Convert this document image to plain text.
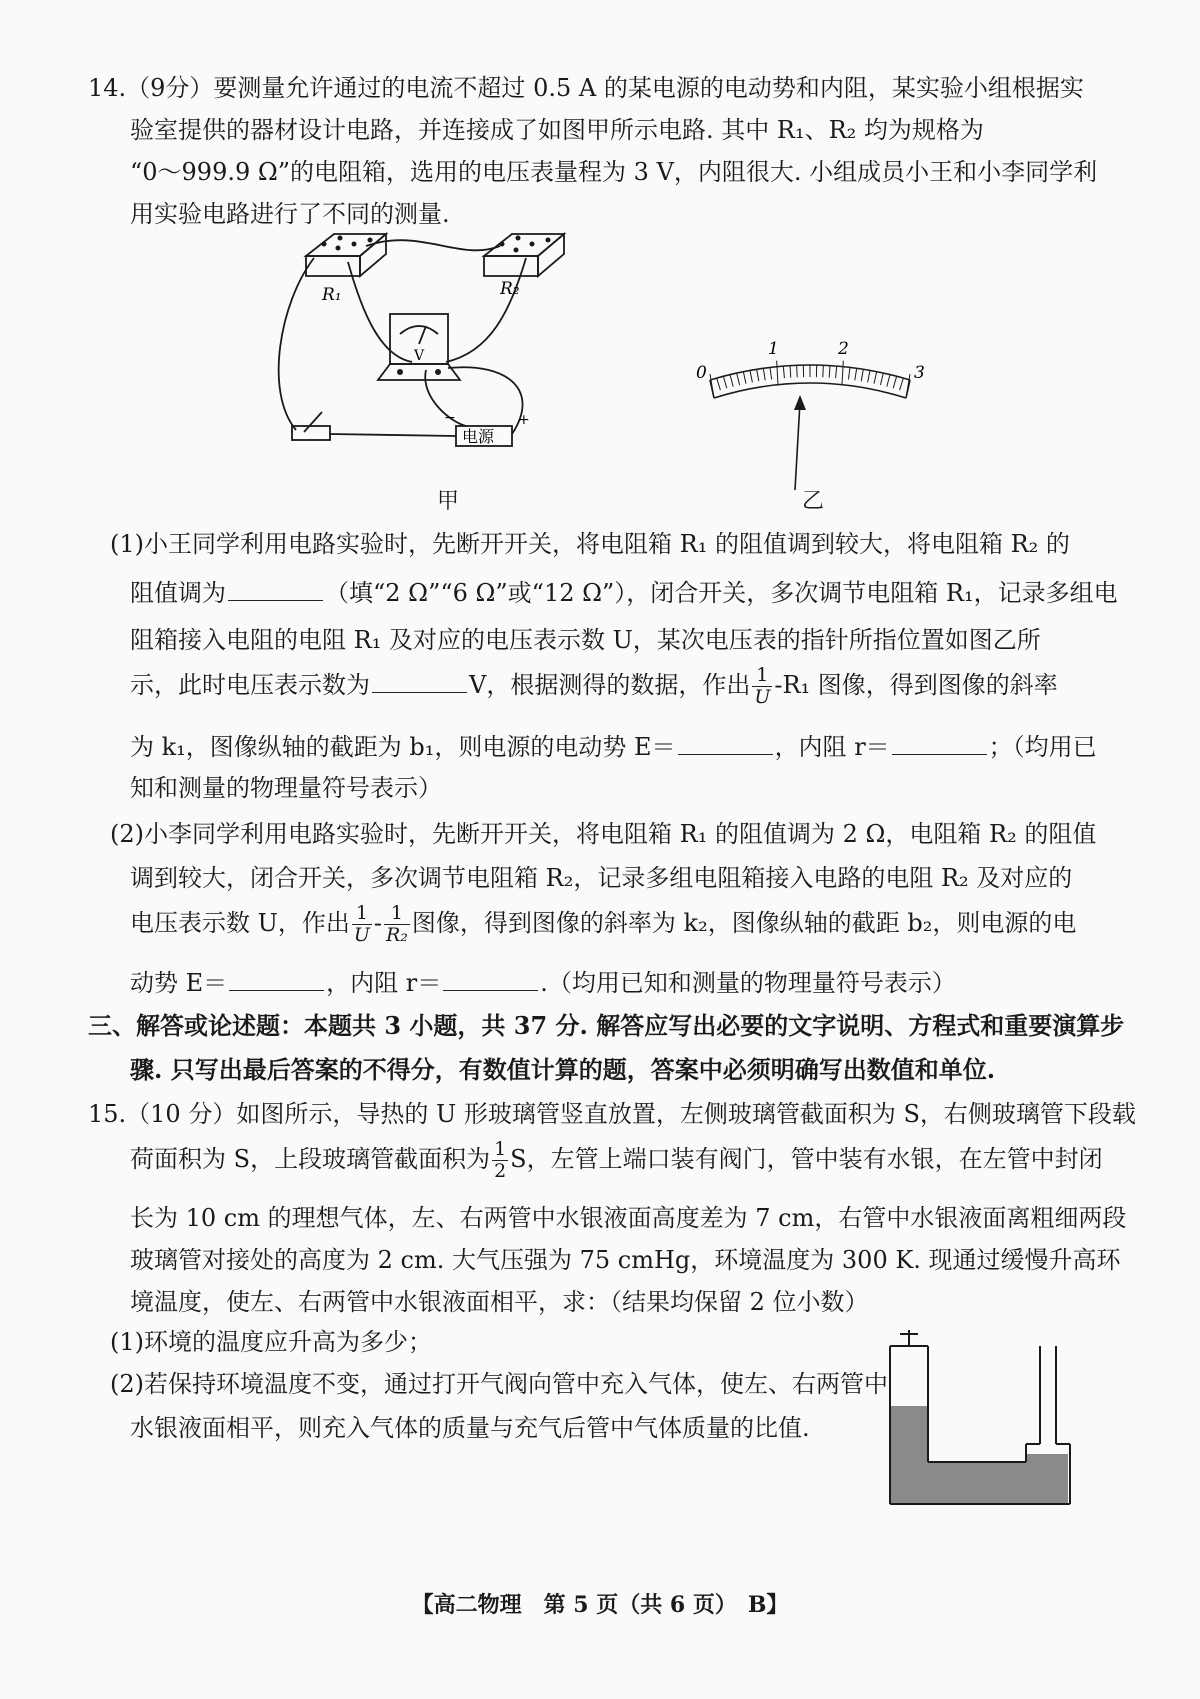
14.（9分）要测量允许通过的电流不超过 0.5 A 的某电源的电动势和内阻，某实验小组根据实
验室提供的器材设计电路，并连接成了如图甲所示电路. 其中 R₁、R₂ 均为规格为
“0～999.9 Ω”的电阻箱，选用的电压表量程为 3 V，内阻很大. 小组成员小王和小李同学利
用实验电路进行了不同的测量.
R₁	R₂
V
电源
−	+
甲
0
1	2
3
乙
(1)小王同学利用电路实验时，先断开开关，将电阻箱 R₁ 的阻值调到较大，将电阻箱 R₂ 的
阻值调为	（填“2 Ω”“6 Ω”或“12 Ω”），闭合开关，多次调节电阻箱 R₁，记录多组电
阻箱接入电阻的电阻 R₁ 及对应的电压表示数 U，某次电压表的指针所指位置如图乙所
示，此时电压表示数为	V，根据测得的数据，作出 $\frac{1}{U} -R_1$ 图像，得到图像的斜率
为 k₁，图像纵轴的截距为 b₁，则电源的电动势 E＝	，内阻 r＝	；（均用已
知和测量的物理量符号表示）
(2)小李同学利用电路实验时，先断开开关，将电阻箱 R₁ 的阻值调为 2 Ω，电阻箱 R₂ 的阻值
调到较大，闭合开关，多次调节电阻箱 R₂，记录多组电阻箱接入电路的电阻 R₂ 及对应的
电压表示数 U，作出 $\frac{1}{U} - \frac{1}{\text{R₂}}$ 图像，得到图像的斜率为 k₂，图像纵轴的截距 b₂，则电源的电
动势 E＝	，内阻 r＝	.（均用已知和测量的物理量符号表示）
三、解答或论述题：本题共 3 小题，共 37 分. 解答应写出必要的文字说明、方程式和重要演算步
骤. 只写出最后答案的不得分，有数值计算的题，答案中必须明确写出数值和单位.
15.（10 分）如图所示，导热的 U 形玻璃管竖直放置，左侧玻璃管截面积为 S，右侧玻璃管下段载
荷面积为 S，上段玻璃管截面积为 $\frac{1}{2}$ S，左管上端口装有阀门，管中装有水银，在左管中封闭
长为 10 cm 的理想气体，左、右两管中水银液面高度差为 7 cm，右管中水银液面离粗细两段
玻璃管对接处的高度为 2 cm. 大气压强为 75 cmHg，环境温度为 300 K. 现通过缓慢升高环
境温度，使左、右两管中水银液面相平，求：（结果均保留 2 位小数）
(1)环境的温度应升高为多少；
(2)若保持环境温度不变，通过打开气阀向管中充入气体，使左、右两管中
水银液面相平，则充入气体的质量与充气后管中气体质量的比值.
【高二物理　第 5 页（共 6 页）　B】
